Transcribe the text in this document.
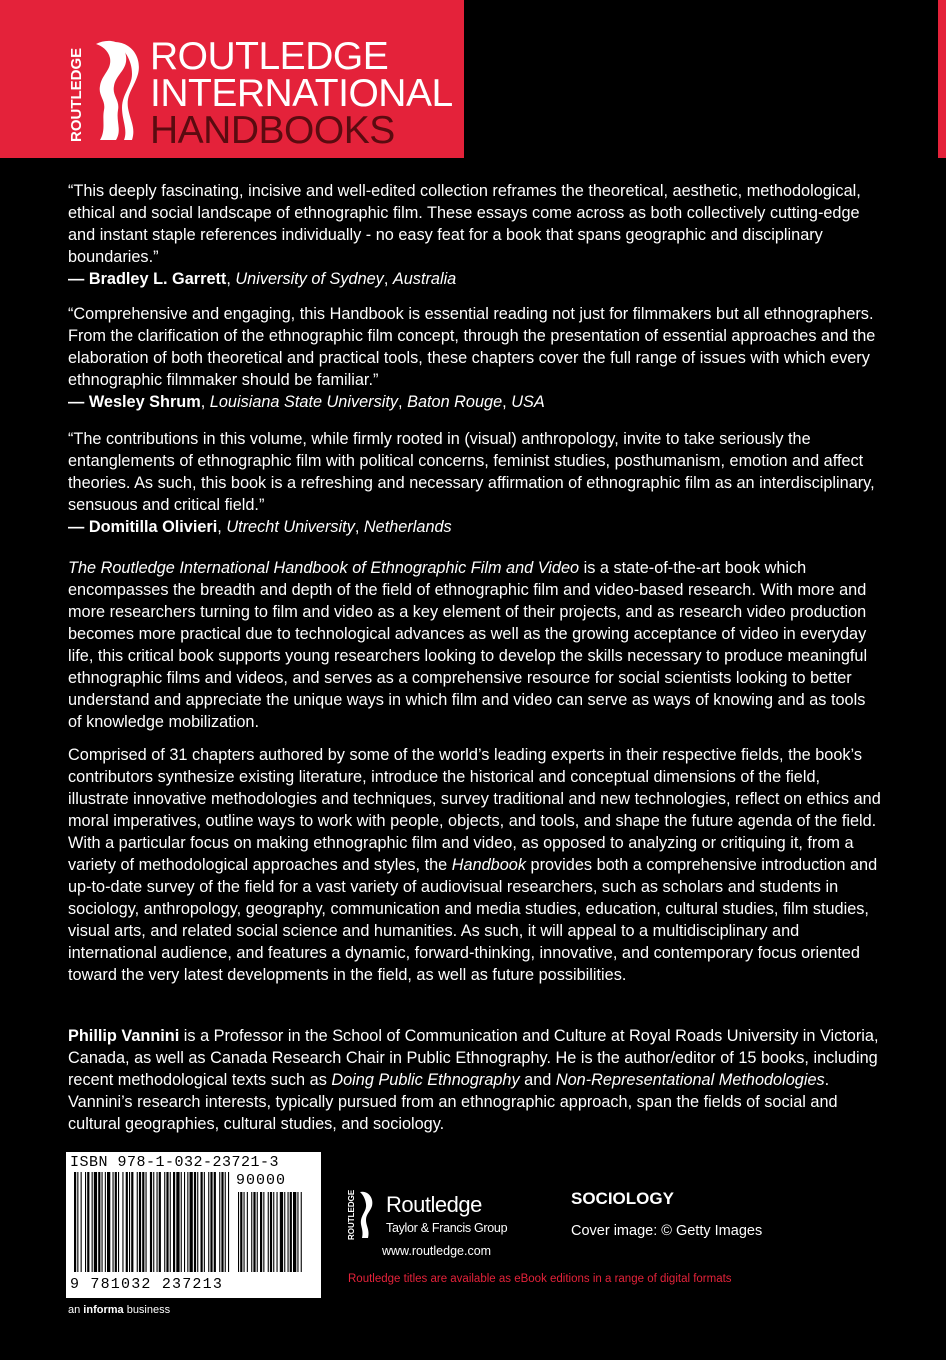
ROUTLEDGE ROUTLEDGE
INTERNATIONAL
HANDBOOKS

“This deeply fascinating, incisive and well-edited collection reframes the theoretical, aesthetic, methodological, ethical and social landscape of ethnographic film. These essays come across as both collectively cutting-edge and instant staple references individually - no easy feat for a book that spans geographic and disciplinary boundaries.”

— Bradley L. Garrett, University of Sydney, Australia

“Comprehensive and engaging, this Handbook is essential reading not just for filmmakers but all ethnographers. From the clarification of the ethnographic film concept, through the presentation of essential approaches and the elaboration of both theoretical and practical tools, these chapters cover the full range of issues with which every ethnographic filmmaker should be familiar.”

— Wesley Shrum, Louisiana State University, Baton Rouge, USA

“The contributions in this volume, while firmly rooted in (visual) anthropology, invite to take seriously the entanglements of ethnographic film with political concerns, feminist studies, posthumanism, emotion and affect theories. As such, this book is a refreshing and necessary affirmation of ethnographic film as an interdisciplinary, sensuous and critical field.”

— Domitilla Olivieri, Utrecht University, Netherlands

The Routledge International Handbook of Ethnographic Film and Video is a state-of-the-art book which encompasses the breadth and depth of the field of ethnographic film and video-based research. With more and more researchers turning to film and video as a key element of their projects, and as research video production becomes more practical due to technological advances as well as the growing acceptance of video in everyday life, this critical book supports young researchers looking to develop the skills necessary to produce meaningful ethnographic films and videos, and serves as a comprehensive resource for social scientists looking to better understand and appreciate the unique ways in which film and video can serve as ways of knowing and as tools of knowledge mobilization.

Comprised of 31 chapters authored by some of the world’s leading experts in their respective fields, the book’s contributors synthesize existing literature, introduce the historical and conceptual dimensions of the field, illustrate innovative methodologies and techniques, survey traditional and new technologies, reflect on ethics and moral imperatives, outline ways to work with people, objects, and tools, and shape the future agenda of the field. With a particular focus on making ethnographic film and video, as opposed to analyzing or critiquing it, from a variety of methodological approaches and styles, the Handbook provides both a comprehensive introduction and up-to-date survey of the field for a vast variety of audiovisual researchers, such as scholars and students in sociology, anthropology, geography, communication and media studies, education, cultural studies, film studies, visual arts, and related social science and humanities. As such, it will appeal to a multidisciplinary and international audience, and features a dynamic, forward-thinking, innovative, and contemporary focus oriented toward the very latest developments in the field, as well as future possibilities.

Phillip Vannini is a Professor in the School of Communication and Culture at Royal Roads University in Victoria, Canada, as well as Canada Research Chair in Public Ethnography. He is the author/editor of 15 books, including recent methodological texts such as Doing Public Ethnography and Non-Representational Methodologies. Vannini’s research interests, typically pursued from an ethnographic approach, span the fields of social and cultural geographies, cultural studies, and sociology.

ISBN 978-1-032-23721-3
90000
9 781032 237213
an informa business
ROUTLEDGE Routledge
Taylor & Francis Group
www.routledge.com
SOCIOLOGY
Cover image: © Getty Images
Routledge titles are available as eBook editions in a range of digital formats
